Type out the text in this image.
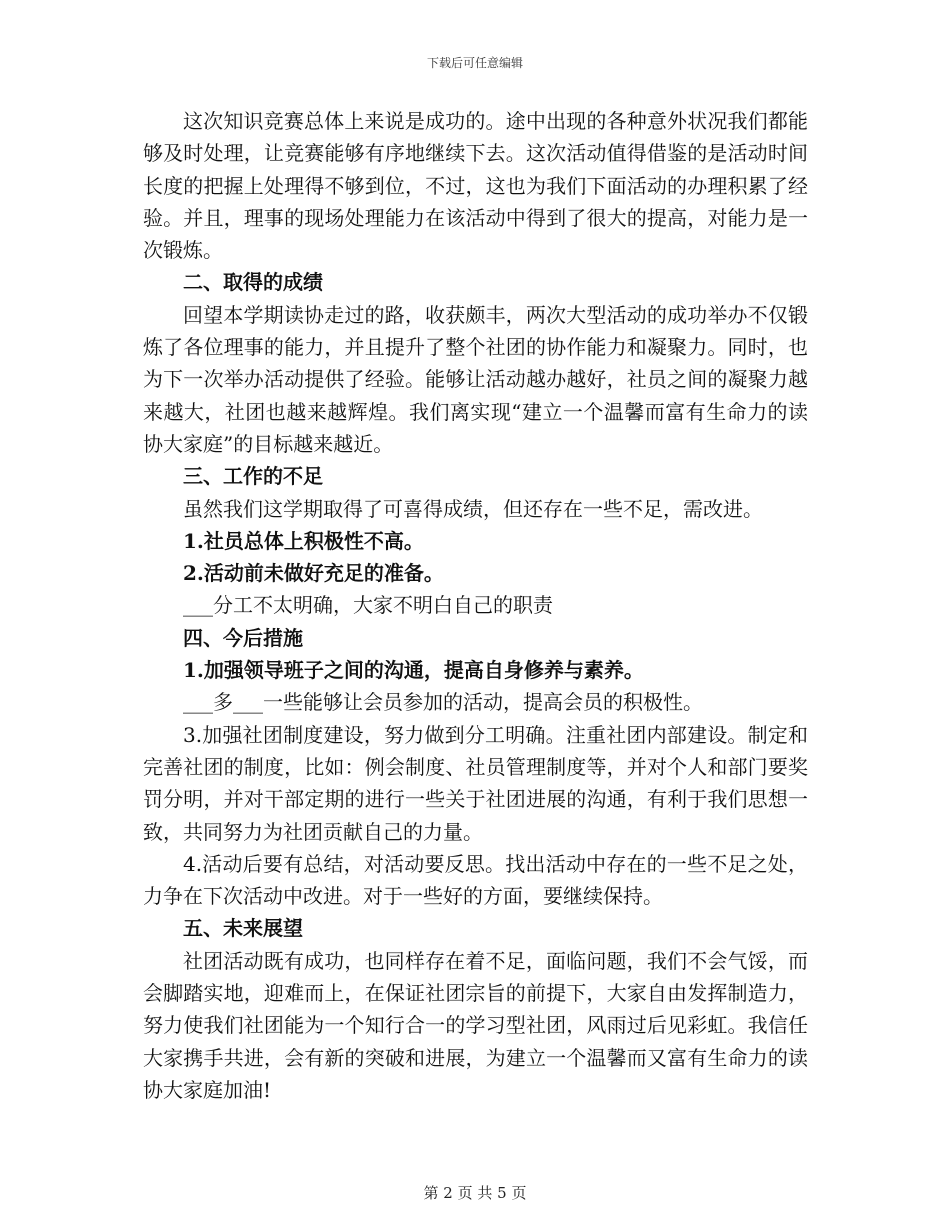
下载后可任意编辑

这次知识竞赛总体上来说是成功的。途中出现的各种意外状况我们都能够及时处理，让竞赛能够有序地继续下去。这次活动值得借鉴的是活动时间长度的把握上处理得不够到位，不过，这也为我们下面活动的办理积累了经验。并且，理事的现场处理能力在该活动中得到了很大的提高，对能力是一次锻炼。

二、取得的成绩

回望本学期读协走过的路，收获颇丰，两次大型活动的成功举办不仅锻炼了各位理事的能力，并且提升了整个社团的协作能力和凝聚力。同时，也为下一次举办活动提供了经验。能够让活动越办越好，社员之间的凝聚力越来越大，社团也越来越辉煌。我们离实现“建立一个温馨而富有生命力的读协大家庭”的目标越来越近。

三、工作的不足

虽然我们这学期取得了可喜得成绩，但还存在一些不足，需改进。

1.社员总体上积极性不高。

2.活动前未做好充足的准备。

___分工不太明确，大家不明白自己的职责

四、今后措施

1.加强领导班子之间的沟通，提高自身修养与素养。

___多___一些能够让会员参加的活动，提高会员的积极性。

3.加强社团制度建设，努力做到分工明确。注重社团内部建设。制定和完善社团的制度，比如：例会制度、社员管理制度等，并对个人和部门要奖罚分明，并对干部定期的进行一些关于社团进展的沟通，有利于我们思想一致，共同努力为社团贡献自己的力量。

4.活动后要有总结，对活动要反思。找出活动中存在的一些不足之处，力争在下次活动中改进。对于一些好的方面，要继续保持。

五、未来展望

社团活动既有成功，也同样存在着不足，面临问题，我们不会气馁，而会脚踏实地，迎难而上，在保证社团宗旨的前提下，大家自由发挥制造力，努力使我们社团能为一个知行合一的学习型社团，风雨过后见彩虹。我信任大家携手共进，会有新的突破和进展，为建立一个温馨而又富有生命力的读协大家庭加油!

第 2 页 共 5 页
